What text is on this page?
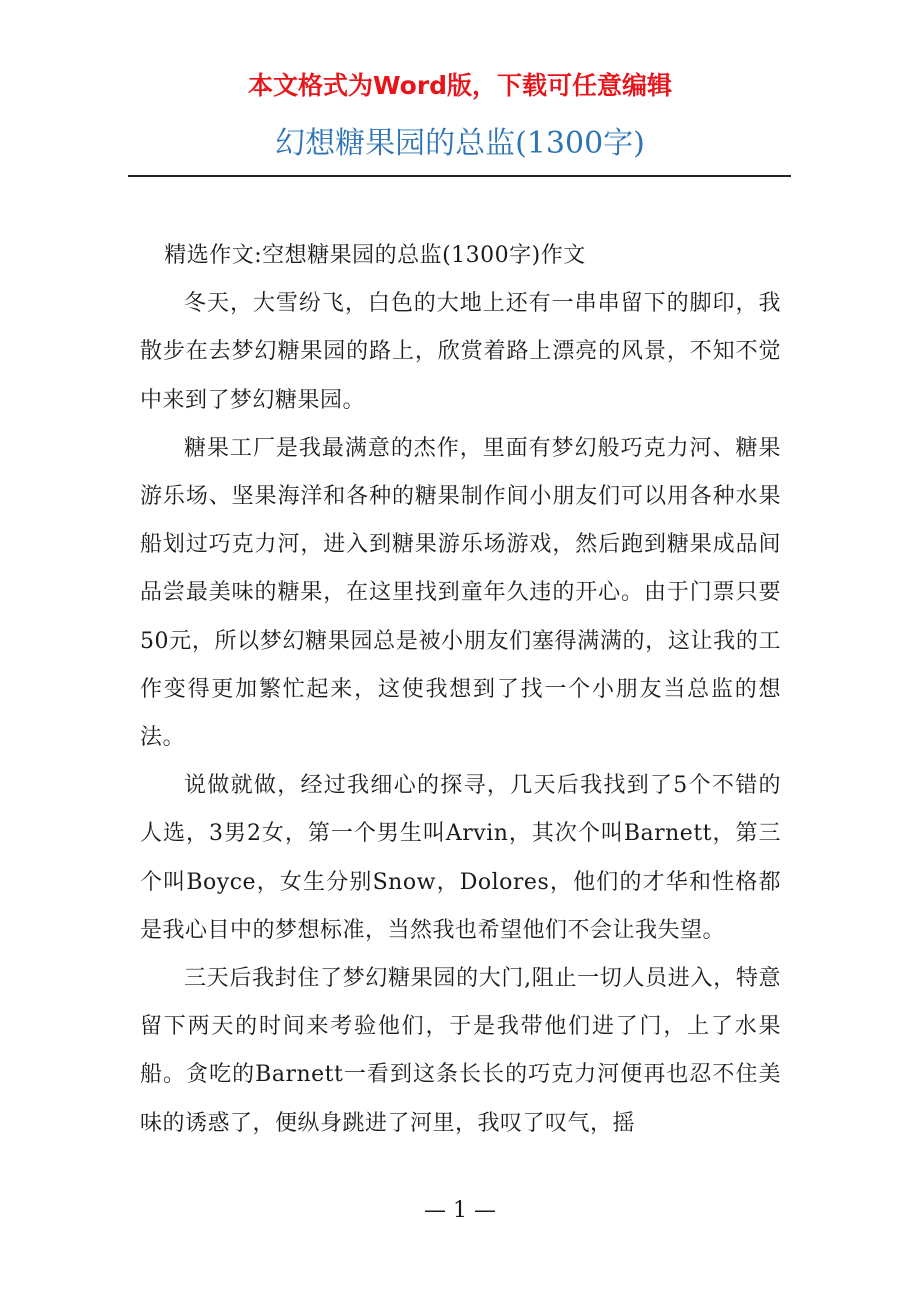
本文格式为Word版，下载可任意编辑
幻想糖果园的总监(1300字)

精选作文:空想糖果园的总监(1300字)作文

冬天，大雪纷飞，白色的大地上还有一串串留下的脚印，我散步在去梦幻糖果园的路上，欣赏着路上漂亮的风景，不知不觉中来到了梦幻糖果园。

糖果工厂是我最满意的杰作，里面有梦幻般巧克力河、糖果游乐场、坚果海洋和各种的糖果制作间小朋友们可以用各种水果船划过巧克力河，进入到糖果游乐场游戏，然后跑到糖果成品间品尝最美味的糖果，在这里找到童年久违的开心。由于门票只要50元，所以梦幻糖果园总是被小朋友们塞得满满的，这让我的工作变得更加繁忙起来，这使我想到了找一个小朋友当总监的想法。

说做就做，经过我细心的探寻，几天后我找到了5个不错的人选，3男2女，第一个男生叫Arvin，其次个叫Barnett，第三个叫Boyce，女生分别Snow，Dolores，他们的才华和性格都是我心目中的梦想标准，当然我也希望他们不会让我失望。

三天后我封住了梦幻糖果园的大门,阻止一切人员进入，特意留下两天的时间来考验他们，于是我带他们进了门，上了水果船。贪吃的Barnett一看到这条长长的巧克力河便再也忍不住美味的诱惑了，便纵身跳进了河里，我叹了叹气，摇

— 1 —
